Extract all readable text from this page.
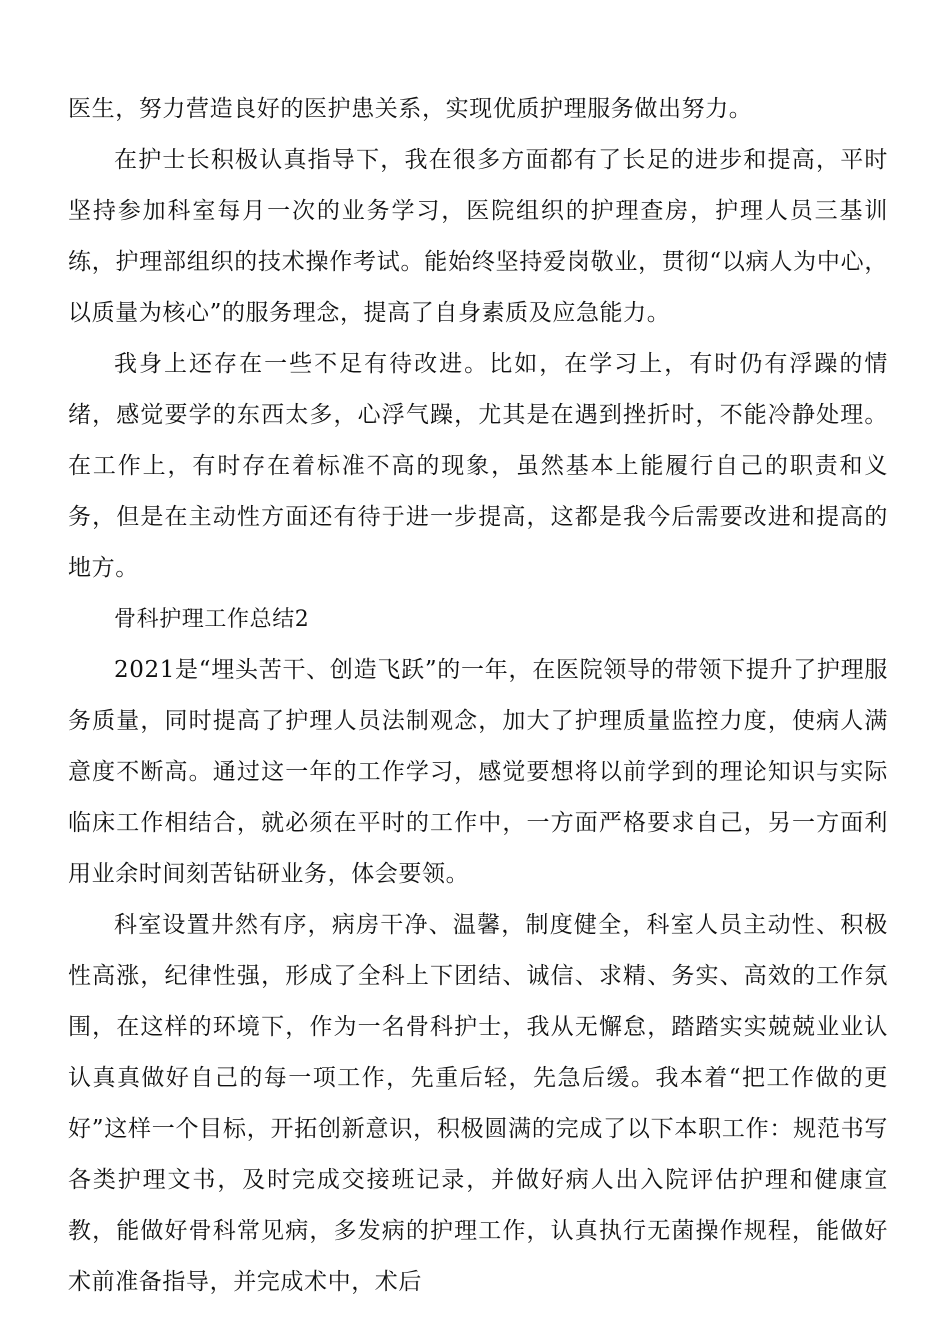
医生，努力营造良好的医护患关系，实现优质护理服务做出努力。

在护士长积极认真指导下，我在很多方面都有了长足的进步和提高，平时坚持参加科室每月一次的业务学习，医院组织的护理查房，护理人员三基训练，护理部组织的技术操作考试。能始终坚持爱岗敬业，贯彻“以病人为中心，以质量为核心”的服务理念，提高了自身素质及应急能力。

我身上还存在一些不足有待改进。比如，在学习上，有时仍有浮躁的情绪，感觉要学的东西太多，心浮气躁，尤其是在遇到挫折时，不能冷静处理。在工作上，有时存在着标准不高的现象，虽然基本上能履行自己的职责和义务，但是在主动性方面还有待于进一步提高，这都是我今后需要改进和提高的地方。

骨科护理工作总结2

2021是“埋头苦干、创造飞跃”的一年，在医院领导的带领下提升了护理服务质量，同时提高了护理人员法制观念，加大了护理质量监控力度，使病人满意度不断高。通过这一年的工作学习，感觉要想将以前学到的理论知识与实际临床工作相结合，就必须在平时的工作中，一方面严格要求自己，另一方面利用业余时间刻苦钻研业务，体会要领。

科室设置井然有序，病房干净、温馨，制度健全，科室人员主动性、积极性高涨，纪律性强，形成了全科上下团结、诚信、求精、务实、高效的工作氛围，在这样的环境下，作为一名骨科护士，我从无懈怠，踏踏实实兢兢业业认认真真做好自己的每一项工作，先重后轻，先急后缓。我本着“把工作做的更好”这样一个目标，开拓创新意识，积极圆满的完成了以下本职工作：规范书写各类护理文书，及时完成交接班记录，并做好病人出入院评估护理和健康宣教，能做好骨科常见病，多发病的护理工作，认真执行无菌操作规程，能做好术前准备指导，并完成术中，术后
